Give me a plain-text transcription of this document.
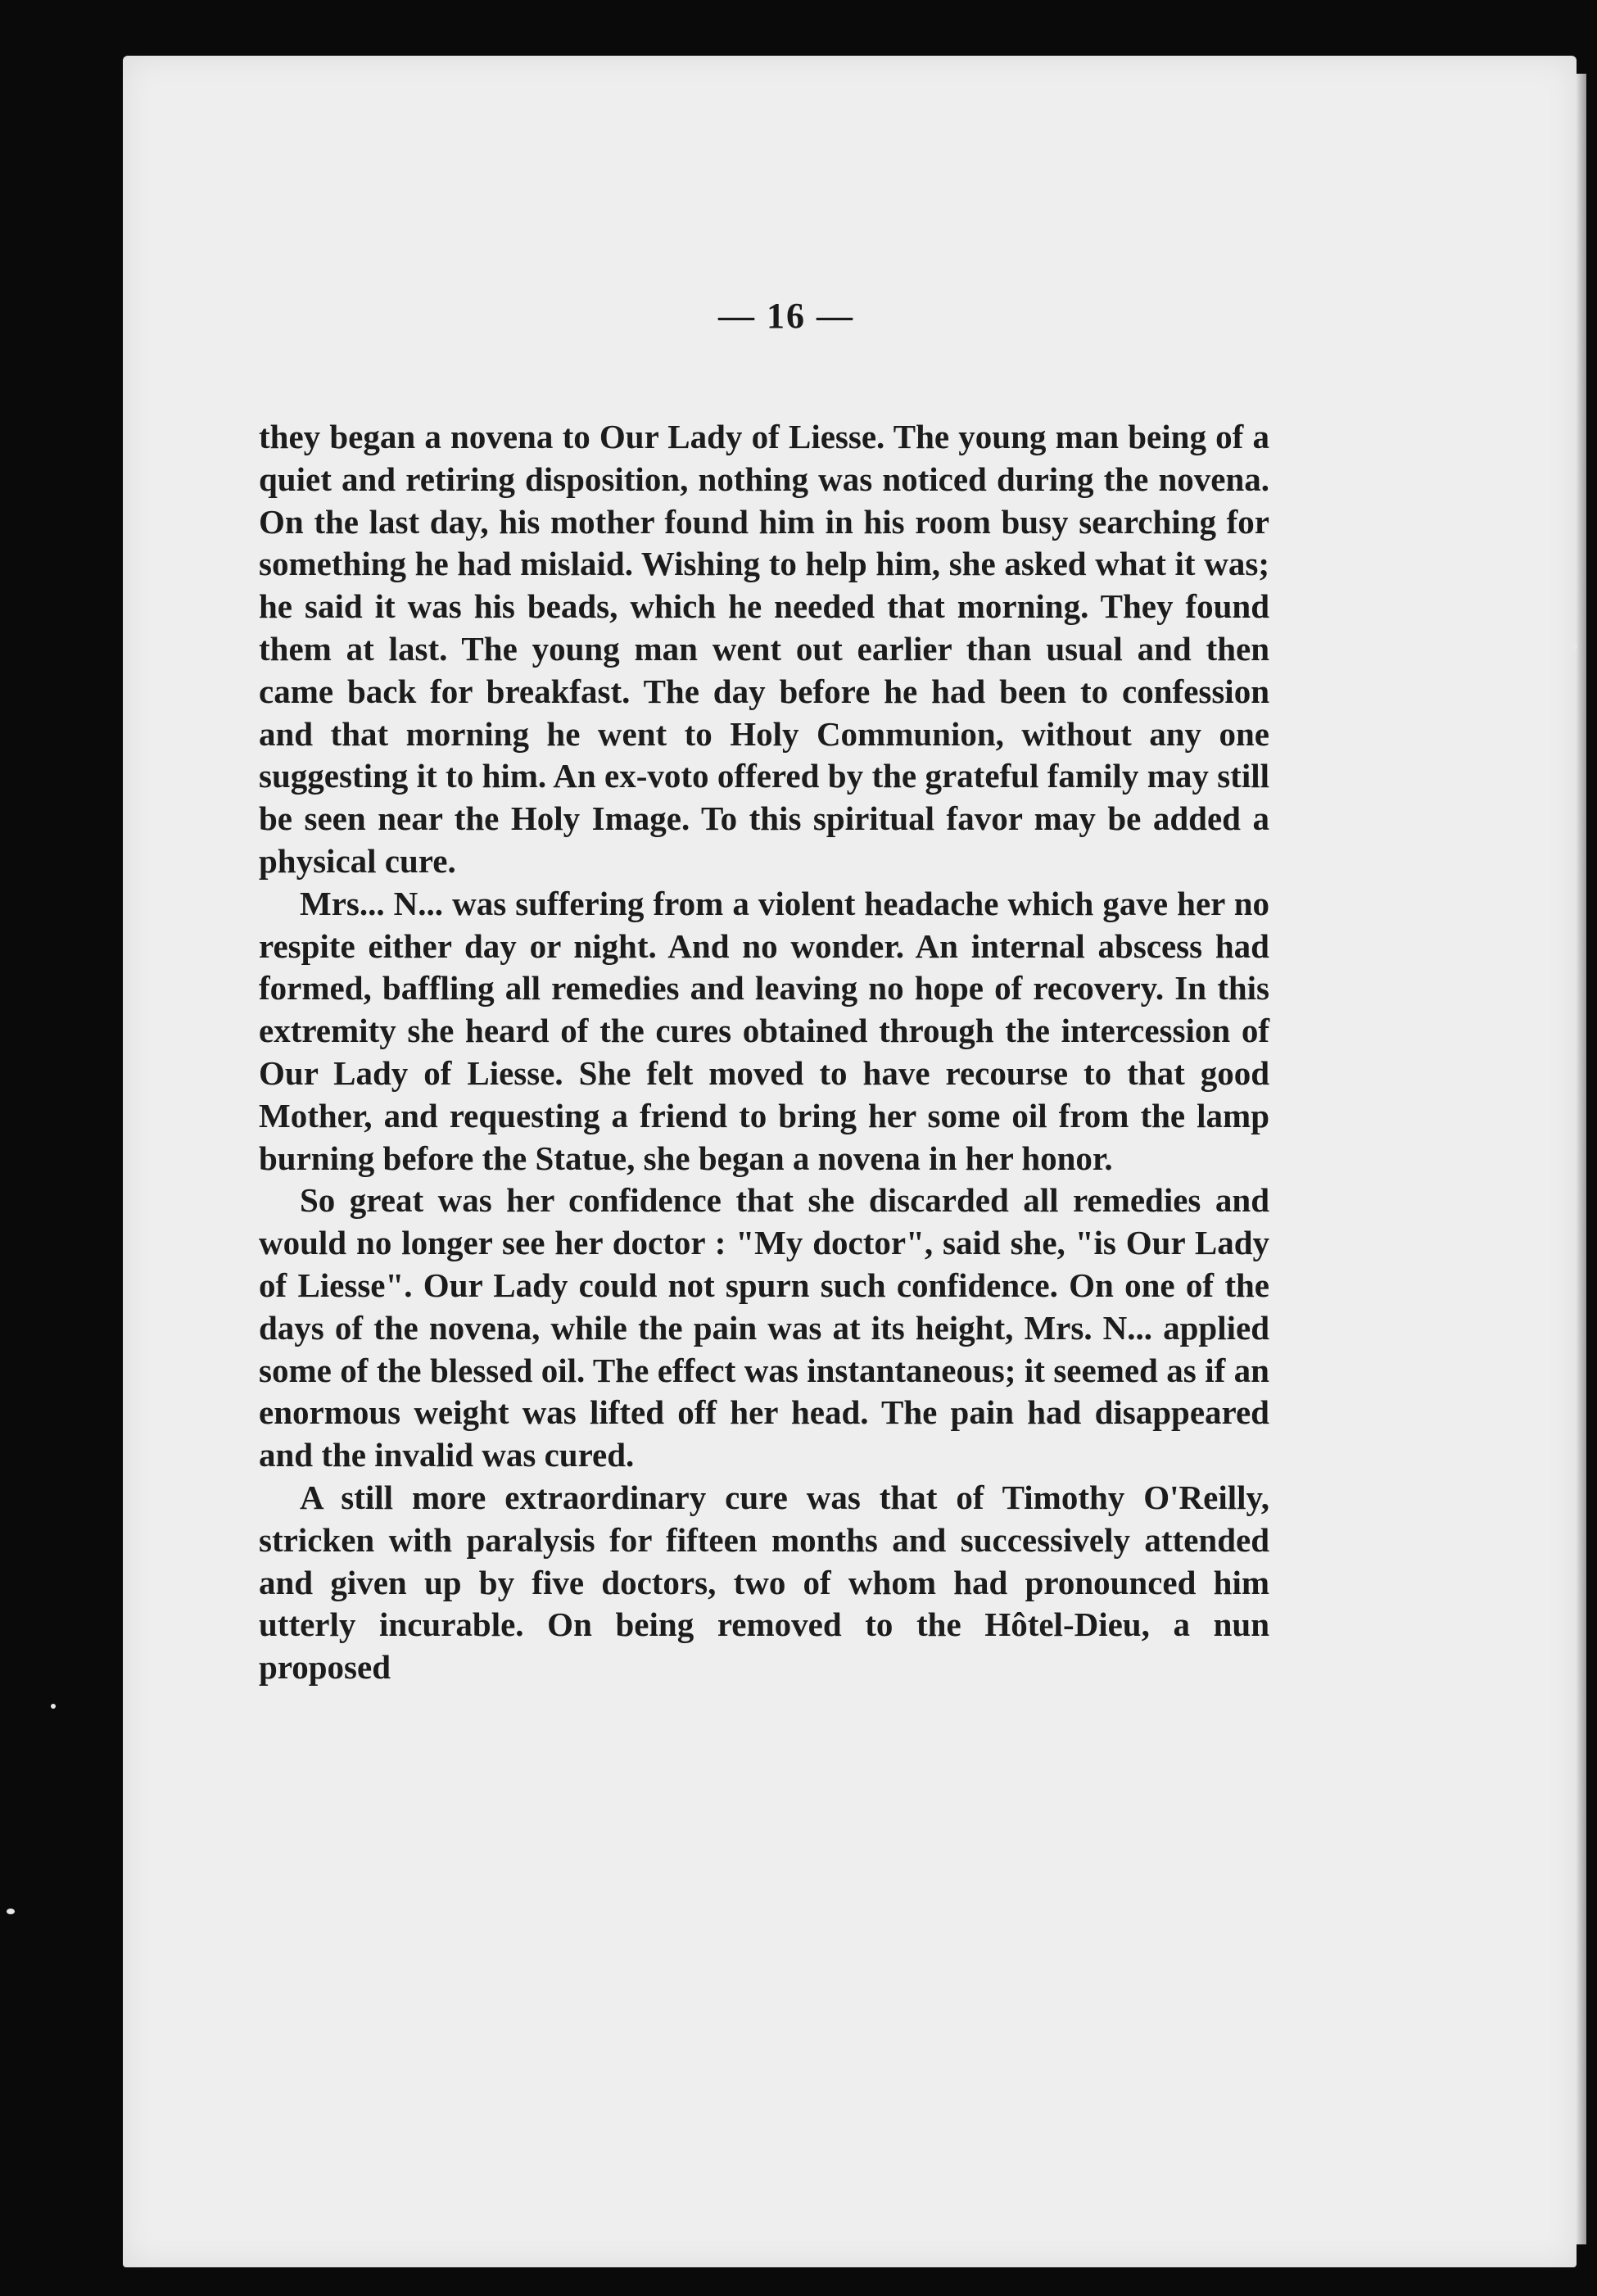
— 16 —

they began a novena to Our Lady of Liesse. The young man being of a quiet and retiring disposition, nothing was noticed during the novena. On the last day, his mother found him in his room busy searching for something he had mislaid. Wishing to help him, she asked what it was; he said it was his beads, which he needed that morning. They found them at last. The young man went out earlier than usual and then came back for breakfast. The day before he had been to confession and that morning he went to Holy Communion, without any one suggesting it to him. An ex-voto offered by the grateful family may still be seen near the Holy Image. To this spiritual favor may be added a physical cure.

Mrs... N... was suffering from a violent headache which gave her no respite either day or night. And no wonder. An internal abscess had formed, baffling all remedies and leaving no hope of recovery. In this extremity she heard of the cures obtained through the intercession of Our Lady of Liesse. She felt moved to have recourse to that good Mother, and requesting a friend to bring her some oil from the lamp burning before the Statue, she began a novena in her honor.

So great was her confidence that she discarded all remedies and would no longer see her doctor : "My doctor", said she, "is Our Lady of Liesse". Our Lady could not spurn such confidence. On one of the days of the novena, while the pain was at its height, Mrs. N... applied some of the blessed oil. The effect was instantaneous; it seemed as if an enormous weight was lifted off her head. The pain had disappeared and the invalid was cured.

A still more extraordinary cure was that of Timothy O'Reilly, stricken with paralysis for fifteen months and successively attended and given up by five doctors, two of whom had pronounced him utterly incurable. On being removed to the Hôtel-Dieu, a nun proposed
